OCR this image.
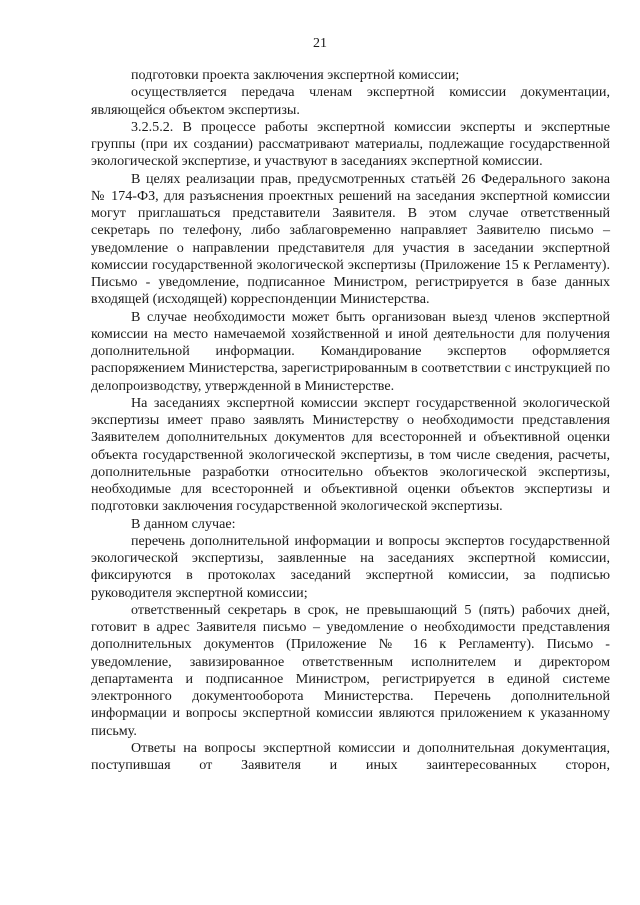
21

подготовки проекта заключения экспертной комиссии;

осуществляется передача членам экспертной комиссии документации, являющейся объектом экспертизы.

3.2.5.2. В процессе работы экспертной комиссии эксперты и экспертные группы (при их создании) рассматривают материалы, подлежащие государственной экологической экспертизе, и участвуют в заседаниях экспертной комиссии.

В целях реализации прав, предусмотренных статьёй 26 Федерального закона № 174-ФЗ, для разъяснения проектных решений на заседания экспертной комиссии могут приглашаться представители Заявителя. В этом случае ответственный секретарь по телефону, либо заблаговременно направляет Заявителю письмо – уведомление о направлении представителя для участия в заседании экспертной комиссии государственной экологической экспертизы (Приложение 15 к Регламенту). Письмо - уведомление, подписанное Министром, регистрируется в базе данных входящей (исходящей) корреспонденции Министерства.

В случае необходимости может быть организован выезд членов экспертной комиссии на место намечаемой хозяйственной и иной деятельности для получения дополнительной информации. Командирование экспертов оформляется распоряжением Министерства, зарегистрированным в соответствии с инструкцией по делопроизводству, утвержденной в Министерстве.

На заседаниях экспертной комиссии эксперт государственной экологической экспертизы имеет право заявлять Министерству о необходимости представления Заявителем дополнительных документов для всесторонней и объективной оценки объекта государственной экологической экспертизы, в том числе сведения, расчеты, дополнительные разработки относительно объектов экологической экспертизы, необходимые для всесторонней и объективной оценки объектов экспертизы и подготовки заключения государственной экологической экспертизы.

В данном случае:

перечень дополнительной информации и вопросы экспертов государственной экологической экспертизы, заявленные на заседаниях экспертной комиссии, фиксируются в протоколах заседаний экспертной комиссии, за подписью руководителя экспертной комиссии;

ответственный секретарь в срок, не превышающий 5 (пять) рабочих дней, готовит в адрес Заявителя письмо – уведомление о необходимости представления дополнительных документов (Приложение № 16 к Регламенту). Письмо - уведомление, завизированное ответственным исполнителем и директором департамента и подписанное Министром, регистрируется в единой системе электронного документооборота Министерства. Перечень дополнительной информации и вопросы экспертной комиссии являются приложением к указанному письму.

Ответы на вопросы экспертной комиссии и дополнительная документация, поступившая от Заявителя и иных заинтересованных сторон,
